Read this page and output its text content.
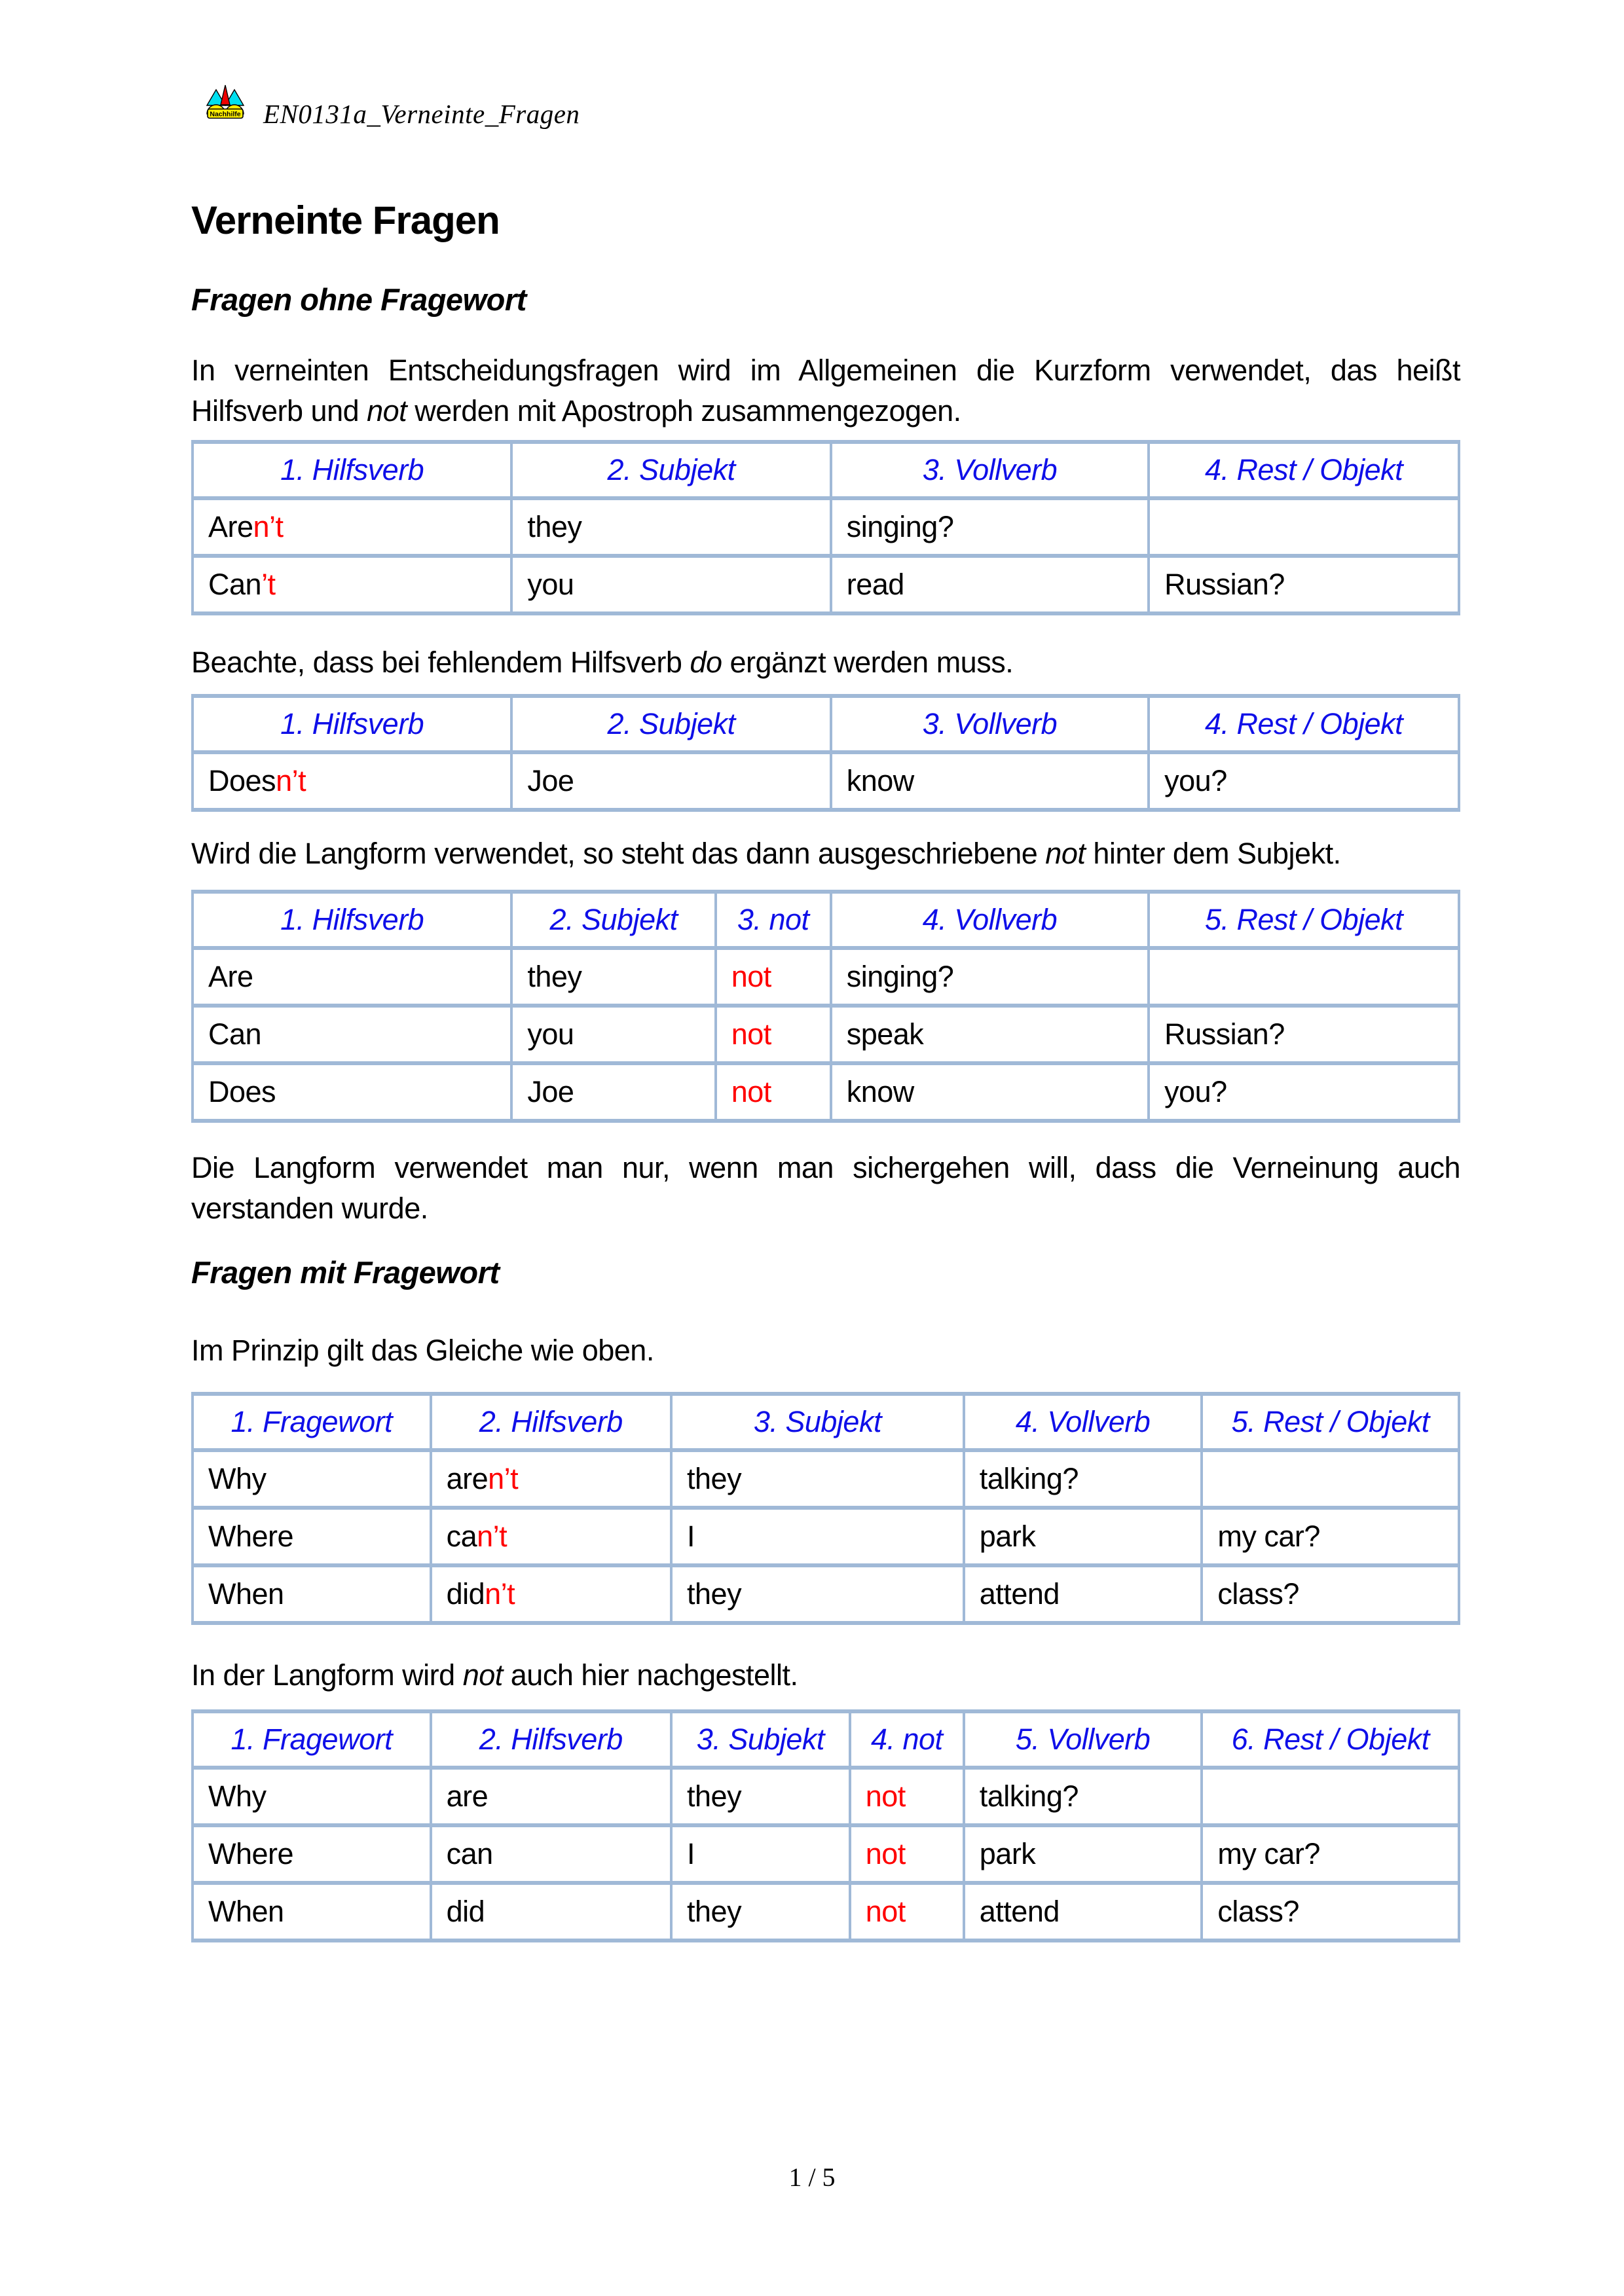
Nachhilfe EN0131a_Verneinte_Fragen
Verneinte Fragen
Fragen ohne Fragewort

In verneinten Entscheidungsfragen wird im Allgemeinen die Kurzform verwendet, das heißt Hilfsverb und not werden mit Apostroph zusammengezogen.

1. Hilfsverb	2. Subjekt	3. Vollverb	4. Rest / Objekt
Aren’t	they	singing?	
Can’t	you	read	Russian?

Beachte, dass bei fehlendem Hilfsverb do ergänzt werden muss.

1. Hilfsverb	2. Subjekt	3. Vollverb	4. Rest / Objekt
Doesn’t	Joe	know	you?

Wird die Langform verwendet, so steht das dann ausgeschriebene not hinter dem Subjekt.

1. Hilfsverb	2. Subjekt	3. not	4. Vollverb	5. Rest / Objekt
Are	they	not	singing?	
Can	you	not	speak	Russian?
Does	Joe	not	know	you?

Die Langform verwendet man nur, wenn man sichergehen will, dass die Verneinung auch verstanden wurde.

Fragen mit Fragewort

Im Prinzip gilt das Gleiche wie oben.

1. Fragewort	2. Hilfsverb	3. Subjekt	4. Vollverb	5. Rest / Objekt
Why	aren’t	they	talking?	
Where	can’t	I	park	my car?
When	didn’t	they	attend	class?

In der Langform wird not auch hier nachgestellt.

1. Fragewort	2. Hilfsverb	3. Subjekt	4. not	5. Vollverb	6. Rest / Objekt
Why	are	they	not	talking?	
Where	can	I	not	park	my car?
When	did	they	not	attend	class?
1 / 5
